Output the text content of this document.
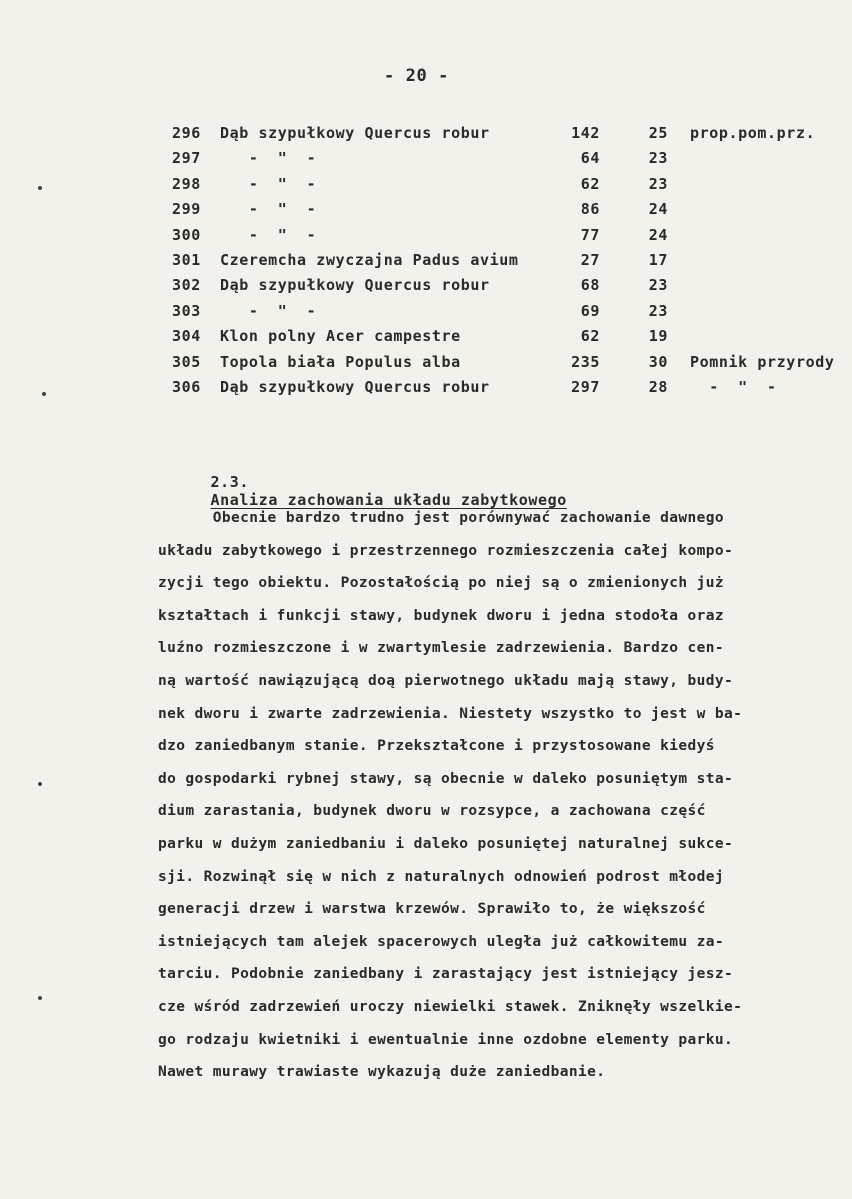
- 20 -
296 Dąb szypułkowy Quercus robur	142	25 prop.pom.prz.
297 -  "  -	64	23
298 -  "  -	62	23
299 -  "  -	86	24
300 -  "  -	77	24
301 Czeremcha zwyczajna Padus avium	27	17
302 Dąb szypułkowy Quercus robur	68	23
303 -  "  -	69	23
304 Klon polny Acer campestre	62	19
305 Topola biała Populus alba	235	30 Pomnik przyrody
306 Dąb szypułkowy Quercus robur	297	28 -  "  -

2.3.
Analiza zachowania układu zabytkowego

Obecnie bardzo trudno jest porównywać zachowanie dawnego
układu zabytkowego i przestrzennego rozmieszczenia całej kompo-
zycji tego obiektu. Pozostałością po niej są o zmienionych już
kształtach i funkcji stawy, budynek dworu i jedna stodoła oraz
luźno rozmieszczone i w zwartymlesie zadrzewienia. Bardzo cen-
ną wartość nawiązującą doą pierwotnego układu mają stawy, budy-
nek dworu i zwarte zadrzewienia. Niestety wszystko to jest w ba-
dzo zaniedbanym stanie. Przekształcone i przystosowane kiedyś
do gospodarki rybnej stawy, są obecnie w daleko posuniętym sta-
dium zarastania, budynek dworu w rozsypce, a zachowana część
parku w dużym zaniedbaniu i daleko posuniętej naturalnej sukce-
sji. Rozwinął się w nich z naturalnych odnowień podrost młodej
generacji drzew i warstwa krzewów. Sprawiło to, że większość
istniejących tam alejek spacerowych uległa już całkowitemu za-
tarciu. Podobnie zaniedbany i zarastający jest istniejący jesz-
cze wśród zadrzewień uroczy niewielki stawek. Zniknęły wszelkie-
go rodzaju kwietniki i ewentualnie inne ozdobne elementy parku.
Nawet murawy trawiaste wykazują duże zaniedbanie.
